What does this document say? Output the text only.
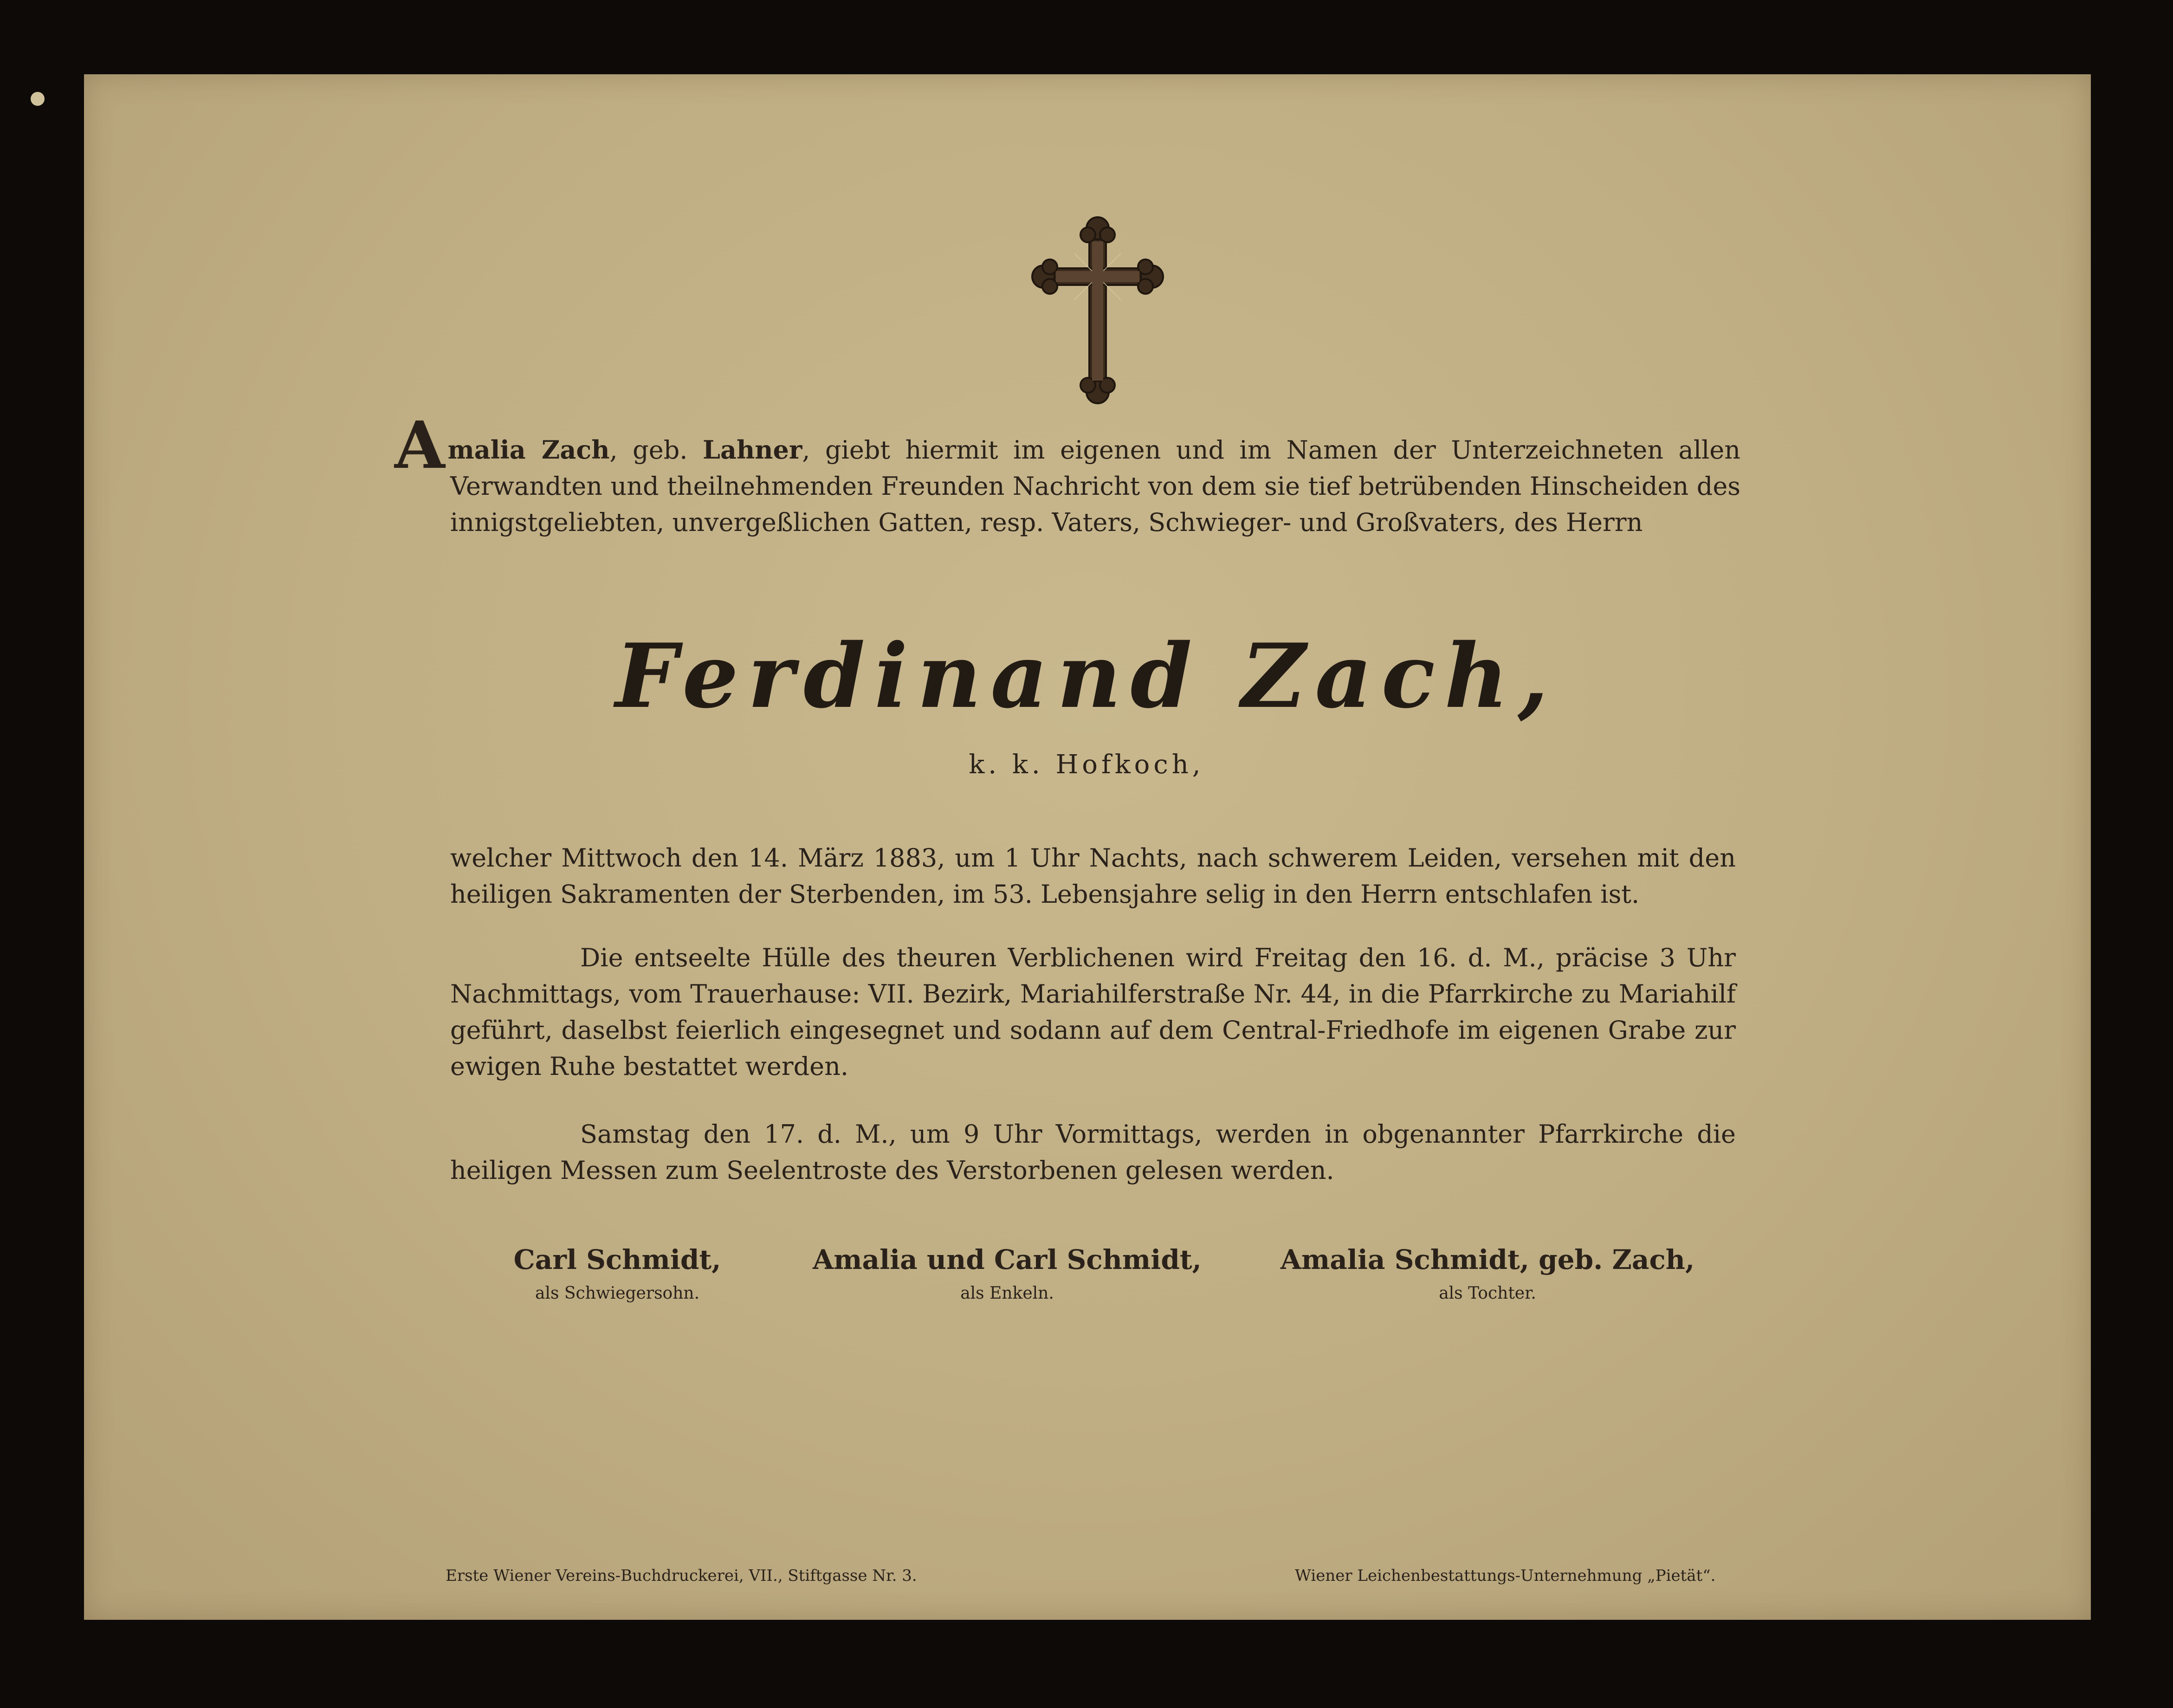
Amalia Zach, geb. Lahner, giebt hiermit im eigenen und im Namen der Unterzeichneten allen Verwandten und theilnehmenden Freunden Nachricht von dem sie tief betrübenden Hinscheiden des innigstgeliebten, unvergeßlichen Gatten, resp. Vaters, Schwieger- und Großvaters, des Herrn
Ferdinand Zach,
k. k. Hofkoch,
welcher Mittwoch den 14. März 1883, um 1 Uhr Nachts, nach schwerem Leiden, versehen mit den heiligen Sakramenten der Sterbenden, im 53. Lebensjahre selig in den Herrn entschlafen ist.
Die entseelte Hülle des theuren Verblichenen wird Freitag den 16. d. M., präcise 3 Uhr Nachmittags, vom Trauerhause: VII. Bezirk, Mariahilferstraße Nr. 44, in die Pfarrkirche zu Mariahilf geführt, daselbst feierlich eingesegnet und sodann auf dem Central-Friedhofe im eigenen Grabe zur ewigen Ruhe bestattet werden.
Samstag den 17. d. M., um 9 Uhr Vormittags, werden in obgenannter Pfarrkirche die heiligen Messen zum Seelentroste des Verstorbenen gelesen werden.
Carl Schmidt,
als Schwiegersohn.
Amalia und Carl Schmidt,
als Enkeln.
Amalia Schmidt, geb. Zach,
als Tochter.
Erste Wiener Vereins-Buchdruckerei, VII., Stiftgasse Nr. 3.	Wiener Leichenbestattungs-Unternehmung „Pietät“.
